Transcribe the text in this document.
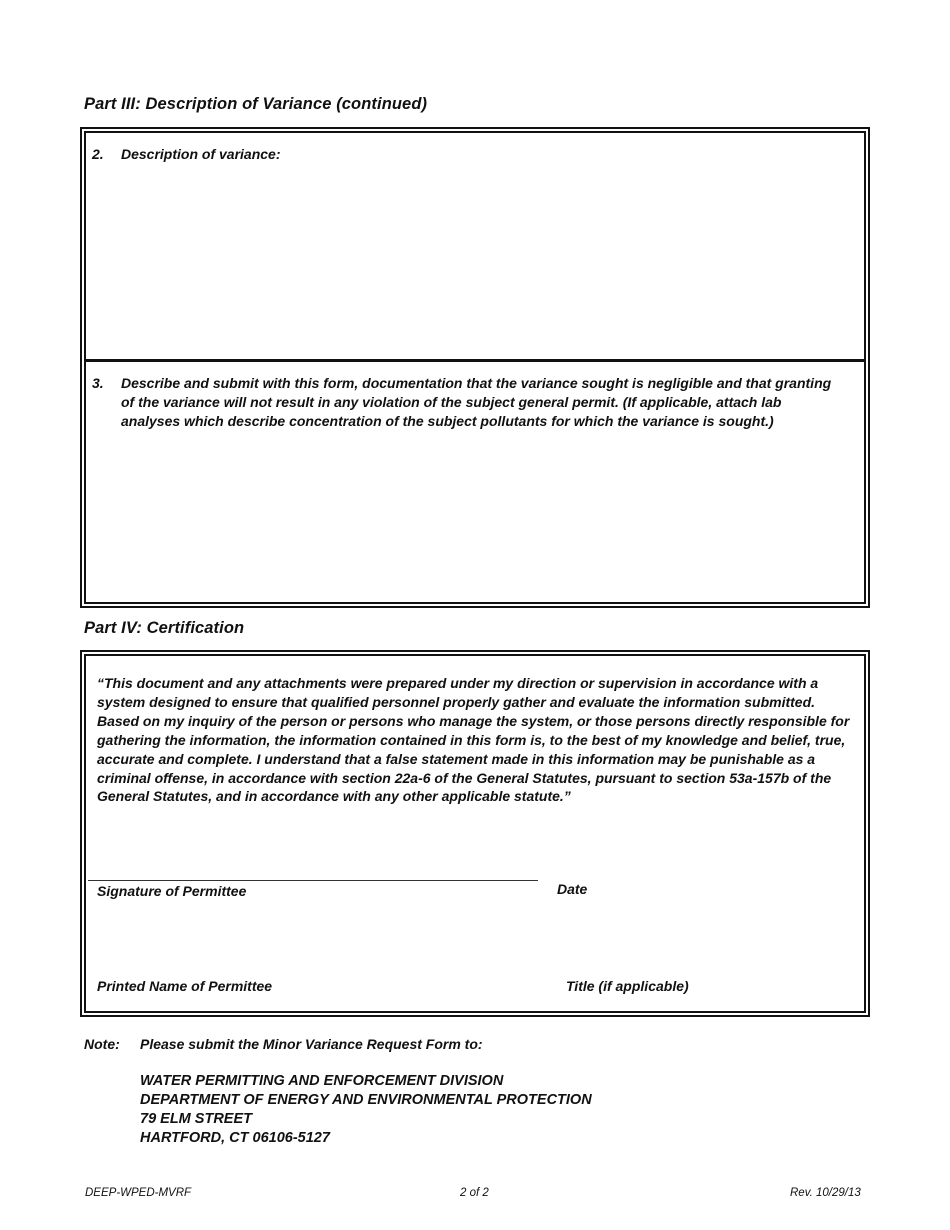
Part III: Description of Variance (continued)
2. Description of variance:
3. Describe and submit with this form, documentation that the variance sought is negligible and that granting of the variance will not result in any violation of the subject general permit. (If applicable, attach lab analyses which describe concentration of the subject pollutants for which the variance is sought.)
Part IV: Certification
“This document and any attachments were prepared under my direction or supervision in accordance with a system designed to ensure that qualified personnel properly gather and evaluate the information submitted. Based on my inquiry of the person or persons who manage the system, or those persons directly responsible for gathering the information, the information contained in this form is, to the best of my knowledge and belief, true, accurate and complete. I understand that a false statement made in this information may be punishable as a criminal offense, in accordance with section 22a-6 of the General Statutes, pursuant to section 53a-157b of the General Statutes, and in accordance with any other applicable statute.”
Signature of Permittee	Date
Printed Name of Permittee	Title (if applicable)
Note: Please submit the Minor Variance Request Form to:
WATER PERMITTING AND ENFORCEMENT DIVISION
DEPARTMENT OF ENERGY AND ENVIRONMENTAL PROTECTION
79 ELM STREET
HARTFORD, CT 06106-5127
DEEP-WPED-MVRF	2 of 2	Rev. 10/29/13
